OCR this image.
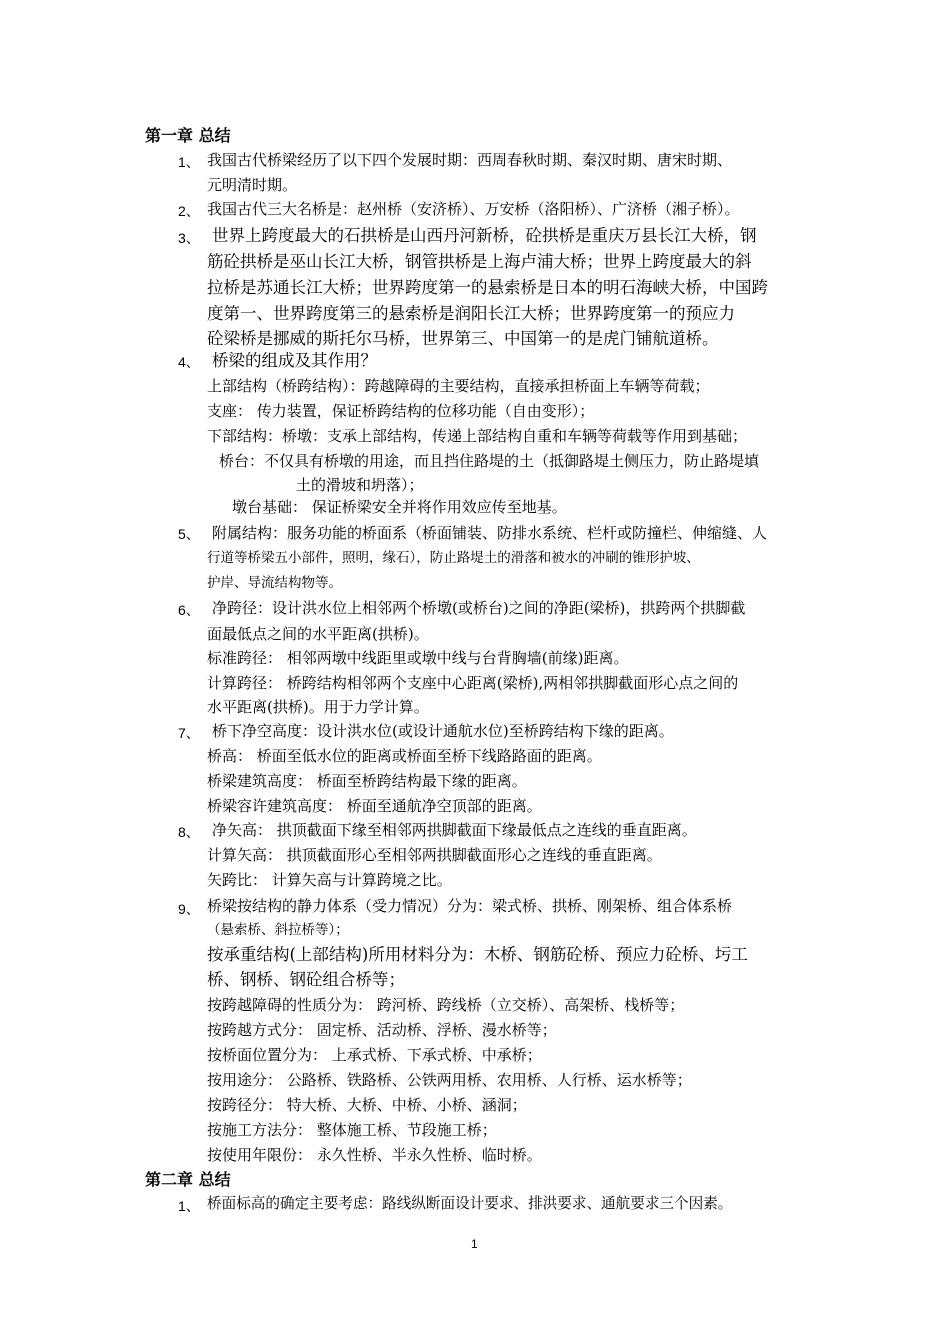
第一章 总结
1、 我国古代桥梁经历了以下四个发展时期：西周春秋时期、秦汉时期、唐宋时期、
元明清时期。
2、 我国古代三大名桥是：赵州桥（安济桥）、万安桥（洛阳桥）、广济桥（湘子桥）。
3、 世界上跨度最大的石拱桥是山西丹河新桥，砼拱桥是重庆万县长江大桥，钢
筋砼拱桥是巫山长江大桥，钢管拱桥是上海卢浦大桥；世界上跨度最大的斜
拉桥是苏通长江大桥；世界跨度第一的悬索桥是日本的明石海峡大桥，中国跨
度第一、世界跨度第三的悬索桥是润阳长江大桥；世界跨度第一的预应力
砼梁桥是挪威的斯托尔马桥，世界第三、中国第一的是虎门铺航道桥。
4、 桥梁的组成及其作用？
上部结构（桥跨结构）：跨越障碍的主要结构，直接承担桥面上车辆等荷载；
支座： 传力装置，保证桥跨结构的位移功能（自由变形）；
下部结构：桥墩：支承上部结构，传递上部结构自重和车辆等荷载等作用到基础；
桥台：不仅具有桥墩的用途，而且挡住路堤的土（抵御路堤土侧压力，防止路堤填
土的滑坡和坍落）；
墩台基础： 保证桥梁安全并将作用效应传至地基。
5、 附属结构：服务功能的桥面系（桥面铺装、防排水系统、栏杆或防撞栏、伸缩缝、人
行道等桥梁五小部件，照明，缘石），防止路堤土的滑落和被水的冲刷的锥形护坡、
护岸、导流结构物等。
6、 净跨径：设计洪水位上相邻两个桥墩(或桥台)之间的净距(梁桥)，拱跨两个拱脚截
面最低点之间的水平距离(拱桥)。
标准跨径： 相邻两墩中线距里或墩中线与台背胸墙(前缘)距离。
计算跨径： 桥跨结构相邻两个支座中心距离(梁桥),两相邻拱脚截面形心点之间的
水平距离(拱桥)。用于力学计算。
7、 桥下净空高度：设计洪水位(或设计通航水位)至桥跨结构下缘的距离。
桥高： 桥面至低水位的距离或桥面至桥下线路路面的距离。
桥梁建筑高度： 桥面至桥跨结构最下缘的距离。
桥梁容许建筑高度： 桥面至通航净空顶部的距离。
8、 净矢高： 拱顶截面下缘至相邻两拱脚截面下缘最低点之连线的垂直距离。
计算矢高： 拱顶截面形心至相邻两拱脚截面形心之连线的垂直距离。
矢跨比： 计算矢高与计算跨境之比。
9、 桥梁按结构的静力体系（受力情况）分为：梁式桥、拱桥、刚架桥、组合体系桥
（悬索桥、斜拉桥等）；
按承重结构(上部结构)所用材料分为：木桥、钢筋砼桥、预应力砼桥、圬工
桥、钢桥、钢砼组合桥等；
按跨越障碍的性质分为： 跨河桥、跨线桥（立交桥）、高架桥、栈桥等；
按跨越方式分： 固定桥、活动桥、浮桥、漫水桥等；
按桥面位置分为： 上承式桥、下承式桥、中承桥；
按用途分： 公路桥、铁路桥、公铁两用桥、农用桥、人行桥、运水桥等；
按跨径分： 特大桥、大桥、中桥、小桥、涵洞；
按施工方法分： 整体施工桥、节段施工桥；
按使用年限份： 永久性桥、半永久性桥、临时桥。
第二章 总结
1、 桥面标高的确定主要考虑：路线纵断面设计要求、排洪要求、通航要求三个因素。
1
